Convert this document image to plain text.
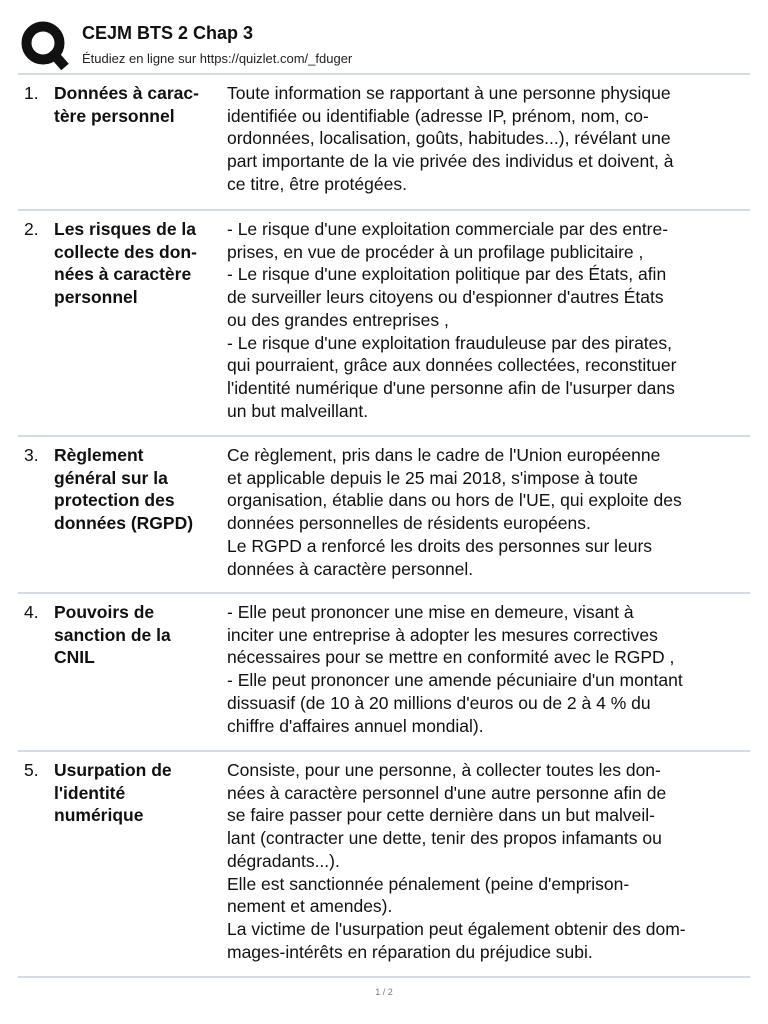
CEJM BTS 2 Chap 3
Étudiez en ligne sur https://quizlet.com/_fduger
1. Données à carac-
tère personnel
Toute information se rapportant à une personne physique
identifiée ou identifiable (adresse IP, prénom, nom, co-
ordonnées, localisation, goûts, habitudes...), révélant une
part importante de la vie privée des individus et doivent, à
ce titre, être protégées.
2. Les risques de la
collecte des don-
nées à caractère
personnel
- Le risque d'une exploitation commerciale par des entre-
prises, en vue de procéder à un profilage publicitaire ,
- Le risque d'une exploitation politique par des États, afin
de surveiller leurs citoyens ou d'espionner d'autres États
ou des grandes entreprises ,
- Le risque d'une exploitation frauduleuse par des pirates,
qui pourraient, grâce aux données collectées, reconstituer
l'identité numérique d'une personne afin de l'usurper dans
un but malveillant.
3. Règlement
général sur la
protection des
données (RGPD)
Ce règlement, pris dans le cadre de l'Union européenne
et applicable depuis le 25 mai 2018, s'impose à toute
organisation, établie dans ou hors de l'UE, qui exploite des
données personnelles de résidents européens.
Le RGPD a renforcé les droits des personnes sur leurs
données à caractère personnel.
4. Pouvoirs de
sanction de la
CNIL
- Elle peut prononcer une mise en demeure, visant à
inciter une entreprise à adopter les mesures correctives
nécessaires pour se mettre en conformité avec le RGPD ,
- Elle peut prononcer une amende pécuniaire d'un montant
dissuasif (de 10 à 20 millions d'euros ou de 2 à 4 % du
chiffre d'affaires annuel mondial).
5. Usurpation de
l'identité
numérique
Consiste, pour une personne, à collecter toutes les don-
nées à caractère personnel d'une autre personne afin de
se faire passer pour cette dernière dans un but malveil-
lant (contracter une dette, tenir des propos infamants ou
dégradants...).
Elle est sanctionnée pénalement (peine d'emprison-
nement et amendes).
La victime de l'usurpation peut également obtenir des dom-
mages-intérêts en réparation du préjudice subi.
1 / 2
